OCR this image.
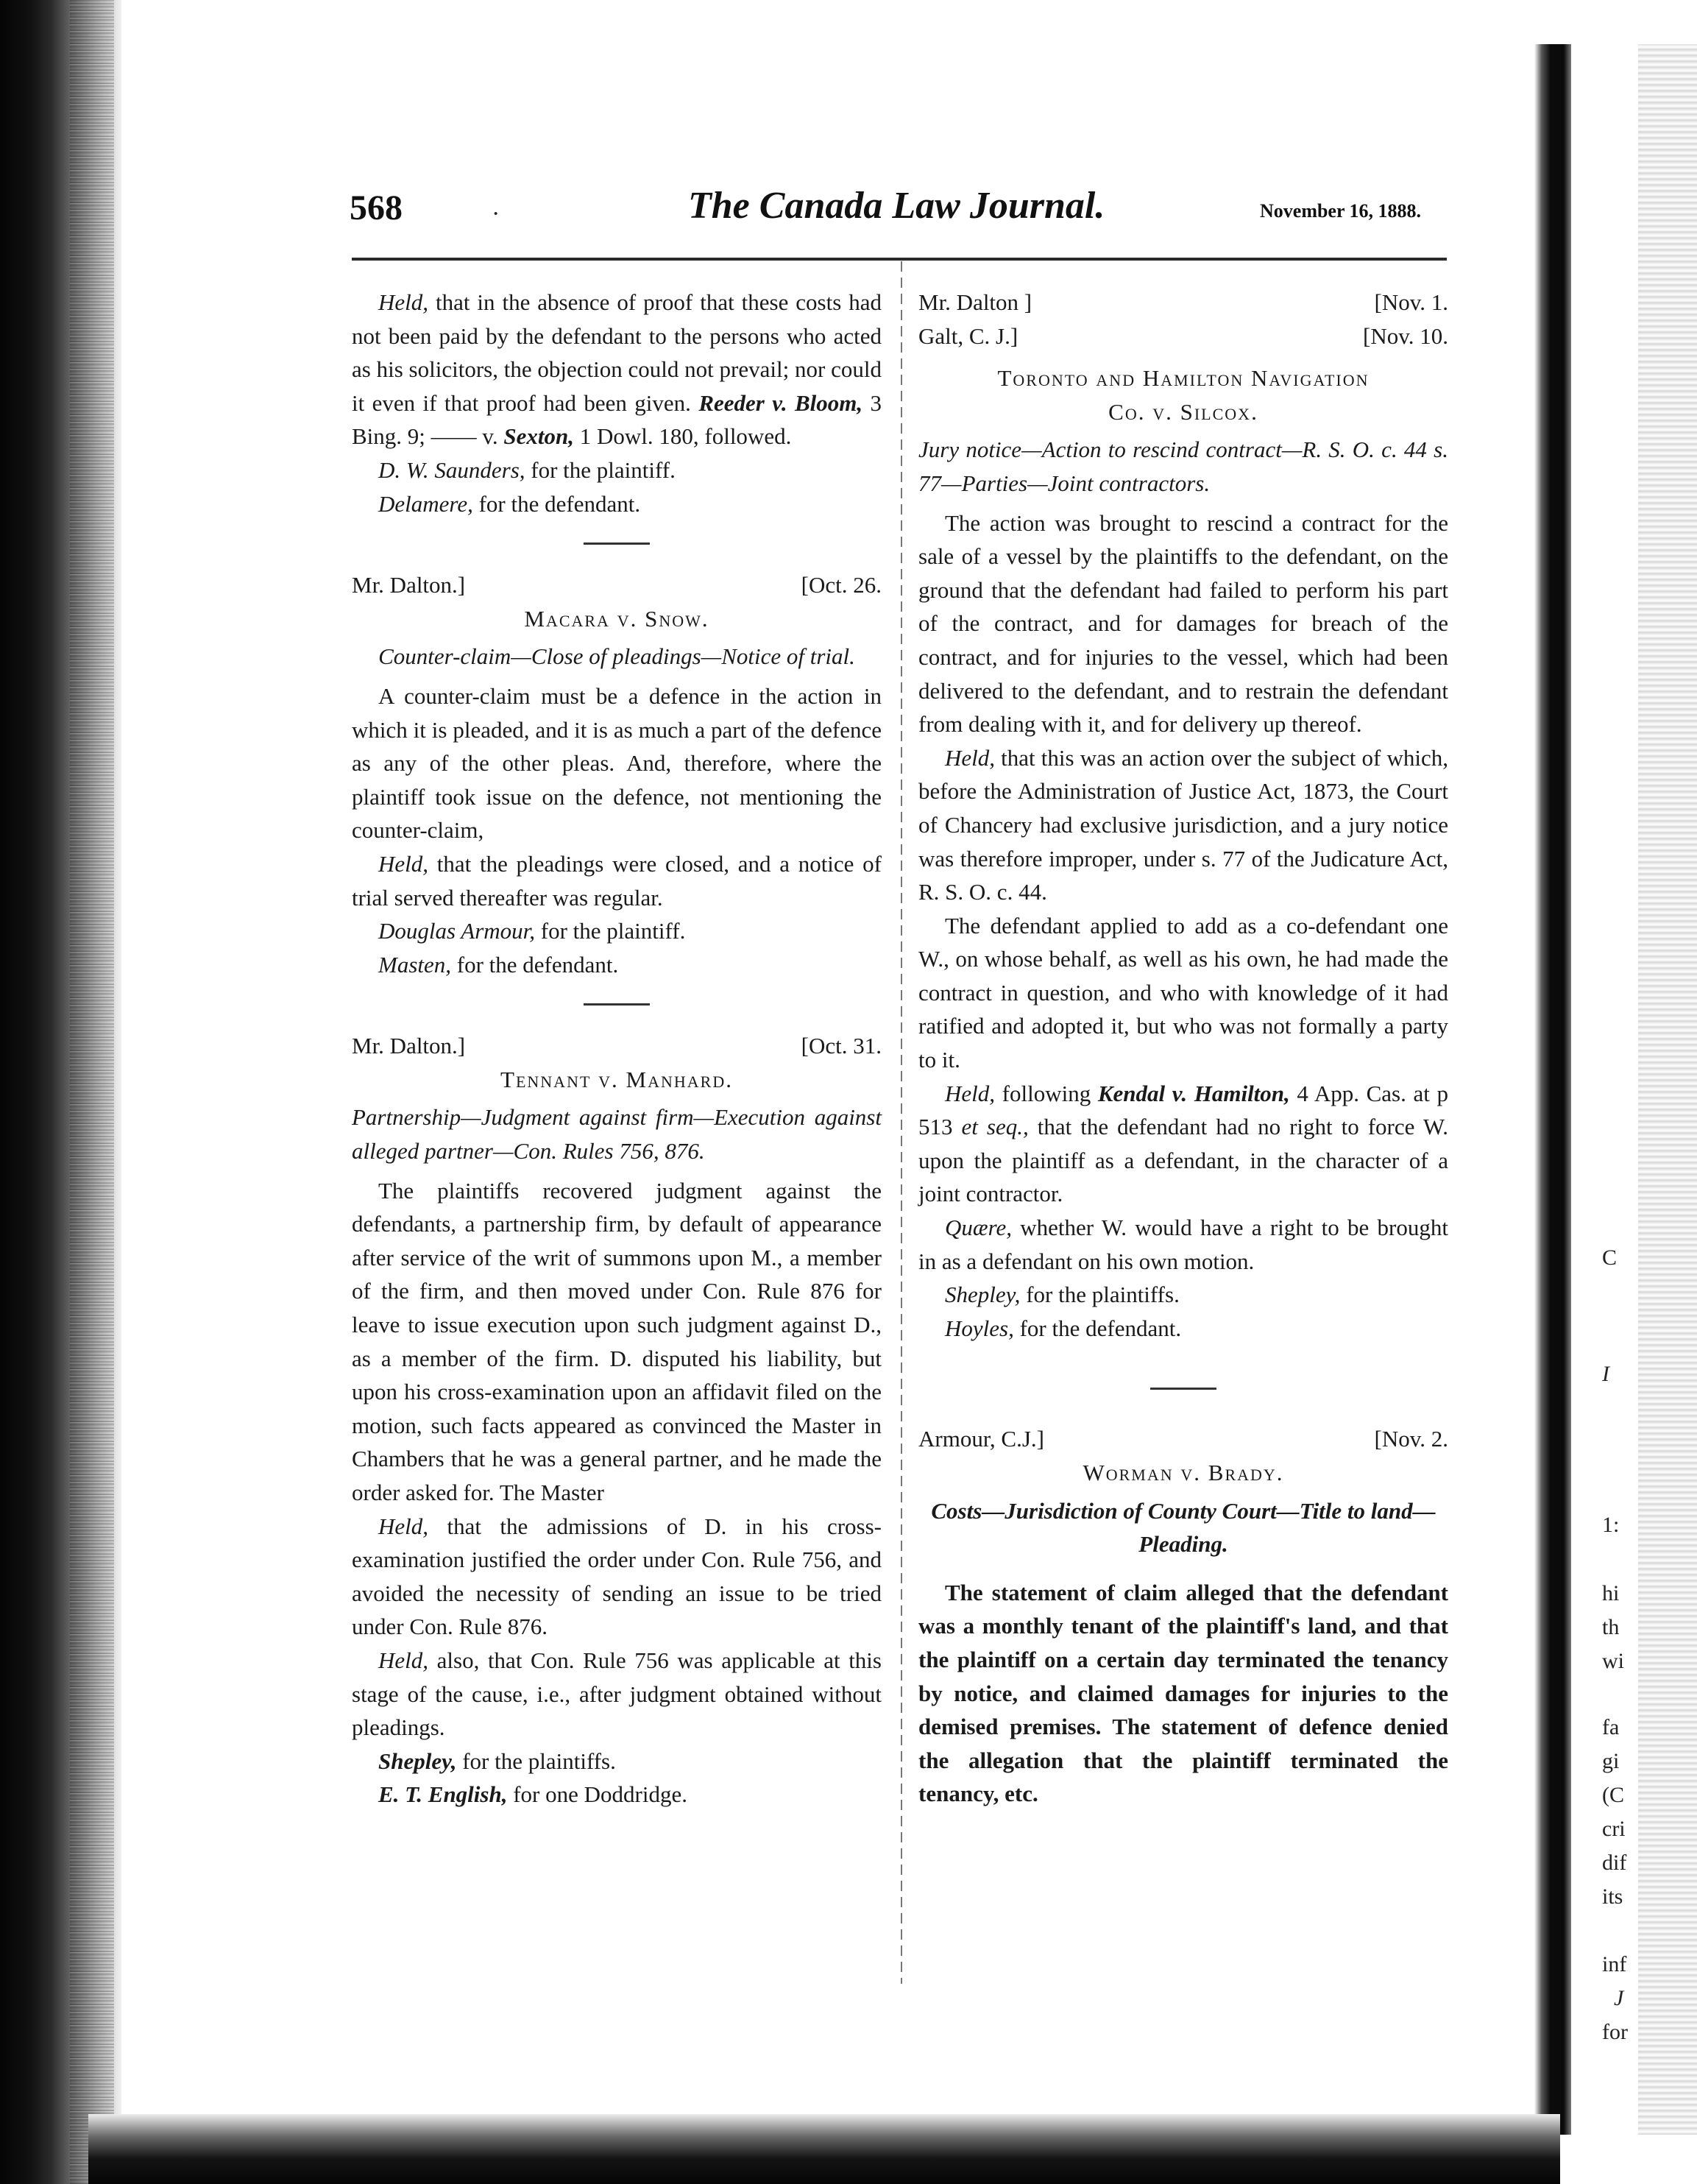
C
I
1:
hi
th
wi
fa
gi
(C
cri
dif
its
inf
J
for
568	·	The Canada Law Journal.	November 16, 1888.

Held, that in the absence of proof that these costs had not been paid by the defendant to the persons who acted as his solicitors, the objection could not prevail; nor could it even if that proof had been given. Reeder v. Bloom, 3 Bing. 9; —— v. Sexton, 1 Dowl. 180, followed.

D. W. Saunders, for the plaintiff.

Delamere, for the defendant.

Mr. Dalton.]	[Oct. 26.

Macara v. Snow.

Counter-claim—Close of pleadings—Notice of trial.

A counter-claim must be a defence in the action in which it is pleaded, and it is as much a part of the defence as any of the other pleas. And, therefore, where the plaintiff took issue on the defence, not mentioning the counter-claim,

Held, that the pleadings were closed, and a notice of trial served thereafter was regular.

Douglas Armour, for the plaintiff.

Masten, for the defendant.

Mr. Dalton.]	[Oct. 31.

Tennant v. Manhard.

Partnership—Judgment against firm—Execution against alleged partner—Con. Rules 756, 876.

The plaintiffs recovered judgment against the defendants, a partnership firm, by default of appearance after service of the writ of summons upon M., a member of the firm, and then moved under Con. Rule 876 for leave to issue execution upon such judgment against D., as a member of the firm. D. disputed his liability, but upon his cross-examination upon an affidavit filed on the motion, such facts appeared as convinced the Master in Chambers that he was a general partner, and he made the order asked for. The Master

Held, that the admissions of D. in his cross-examination justified the order under Con. Rule 756, and avoided the necessity of sending an issue to be tried under Con. Rule 876.

Held, also, that Con. Rule 756 was applicable at this stage of the cause, i.e., after judgment obtained without pleadings.

Shepley, for the plaintiffs.

E. T. English, for one Doddridge.

Mr. Dalton ]	[Nov. 1.

Galt, C. J.]	[Nov. 10.

Toronto and Hamilton Navigation

Co. v. Silcox.

Jury notice—Action to rescind contract—R. S. O. c. 44 s. 77—Parties—Joint contractors.

The action was brought to rescind a contract for the sale of a vessel by the plaintiffs to the defendant, on the ground that the defendant had failed to perform his part of the contract, and for damages for breach of the contract, and for injuries to the vessel, which had been delivered to the defendant, and to restrain the defendant from dealing with it, and for delivery up thereof.

Held, that this was an action over the subject of which, before the Administration of Justice Act, 1873, the Court of Chancery had exclusive jurisdiction, and a jury notice was therefore improper, under s. 77 of the Judicature Act, R. S. O. c. 44.

The defendant applied to add as a co-defendant one W., on whose behalf, as well as his own, he had made the contract in question, and who with knowledge of it had ratified and adopted it, but who was not formally a party to it.

Held, following Kendal v. Hamilton, 4 App. Cas. at p 513 et seq., that the defendant had no right to force W. upon the plaintiff as a defendant, in the character of a joint contractor.

Quære, whether W. would have a right to be brought in as a defendant on his own motion.

Shepley, for the plaintiffs.

Hoyles, for the defendant.

Armour, C.J.]	[Nov. 2.

Worman v. Brady.

Costs—Jurisdiction of County Court—Title to land—Pleading.

The statement of claim alleged that the defendant was a monthly tenant of the plaintiff's land, and that the plaintiff on a certain day terminated the tenancy by notice, and claimed damages for injuries to the demised premises. The statement of defence denied the allegation that the plaintiff terminated the tenancy, etc.
